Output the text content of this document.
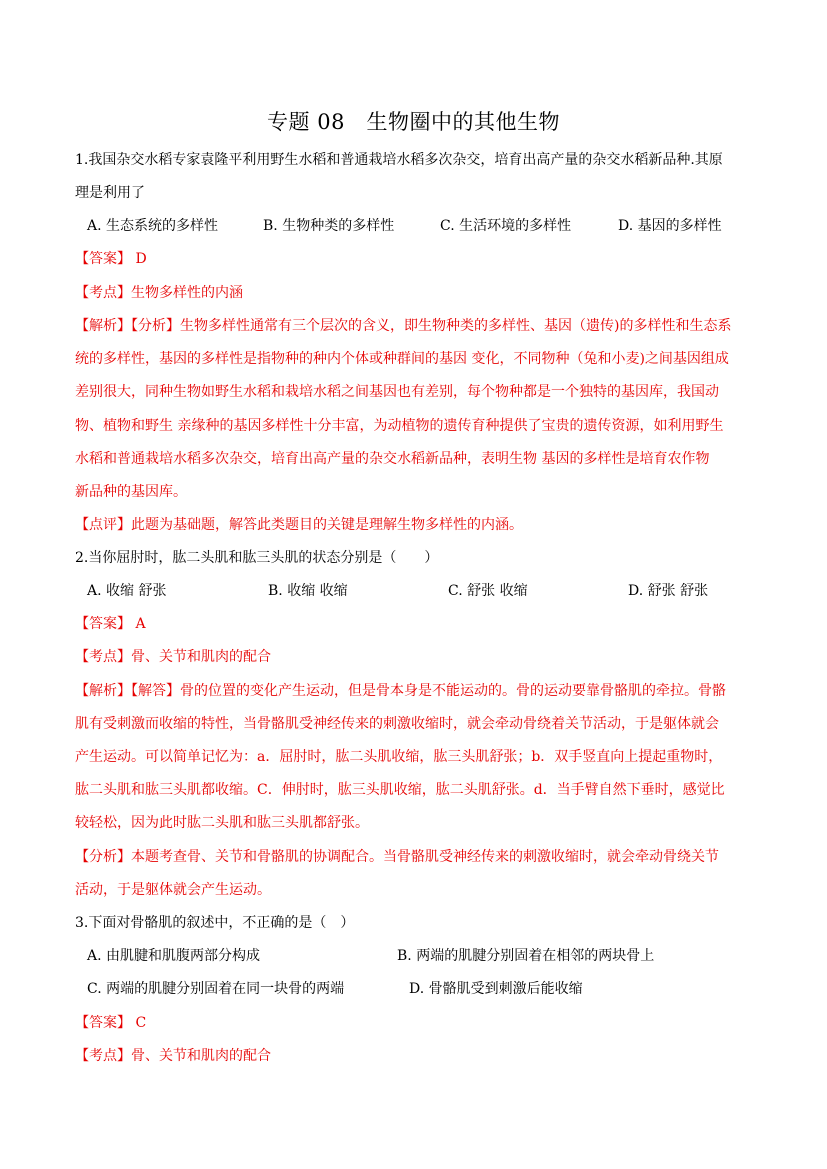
专题 08　生物圈中的其他生物
1.我国杂交水稻专家袁隆平利用野生水稻和普通栽培水稻多次杂交，培育出高产量的杂交水稻新品种.其原
理是利用了
A. 生态系统的多样性	B. 生物种类的多样性	C. 生活环境的多样性	D. 基因的多样性
【答案】 D
【考点】生物多样性的内涵
【解析】【分析】生物多样性通常有三个层次的含义，即生物种类的多样性、基因（遗传)的多样性和生态系
统的多样性，基因的多样性是指物种的种内个体或种群间的基因 变化，不同物种（兔和小麦)之间基因组成
差别很大，同种生物如野生水稻和栽培水稻之间基因也有差别，每个物种都是一个独特的基因库，我国动
物、植物和野生 亲缘种的基因多样性十分丰富，为动植物的遗传育种提供了宝贵的遗传资源，如利用野生
水稻和普通栽培水稻多次杂交，培育出高产量的杂交水稻新品种，表明生物 基因的多样性是培育农作物
新品种的基因库。
【点评】此题为基础题，解答此类题目的关键是理解生物多样性的内涵。
2.当你屈肘时，肱二头肌和肱三头肌的状态分别是（　　）
A. 收缩 舒张	B. 收缩 收缩	C. 舒张 收缩	D. 舒张 舒张
【答案】 A
【考点】骨、关节和肌肉的配合
【解析】【解答】骨的位置的变化产生运动，但是骨本身是不能运动的。骨的运动要靠骨骼肌的牵拉。骨骼
肌有受刺激而收缩的特性，当骨骼肌受神经传来的刺激收缩时，就会牵动骨绕着关节活动，于是躯体就会
产生运动。可以简单记忆为：a．屈肘时，肱二头肌收缩，肱三头肌舒张；b．双手竖直向上提起重物时，
肱二头肌和肱三头肌都收缩。C．伸肘时，肱三头肌收缩，肱二头肌舒张。d．当手臂自然下垂时，感觉比
较轻松，因为此时肱二头肌和肱三头肌都舒张。
【分析】本题考查骨、关节和骨骼肌的协调配合。当骨骼肌受神经传来的刺激收缩时，就会牵动骨绕关节
活动，于是躯体就会产生运动。
3.下面对骨骼肌的叙述中，不正确的是（　）
A. 由肌腱和肌腹两部分构成	B. 两端的肌腱分别固着在相邻的两块骨上
C. 两端的肌腱分别固着在同一块骨的两端	D. 骨骼肌受到刺激后能收缩
【答案】 C
【考点】骨、关节和肌肉的配合
